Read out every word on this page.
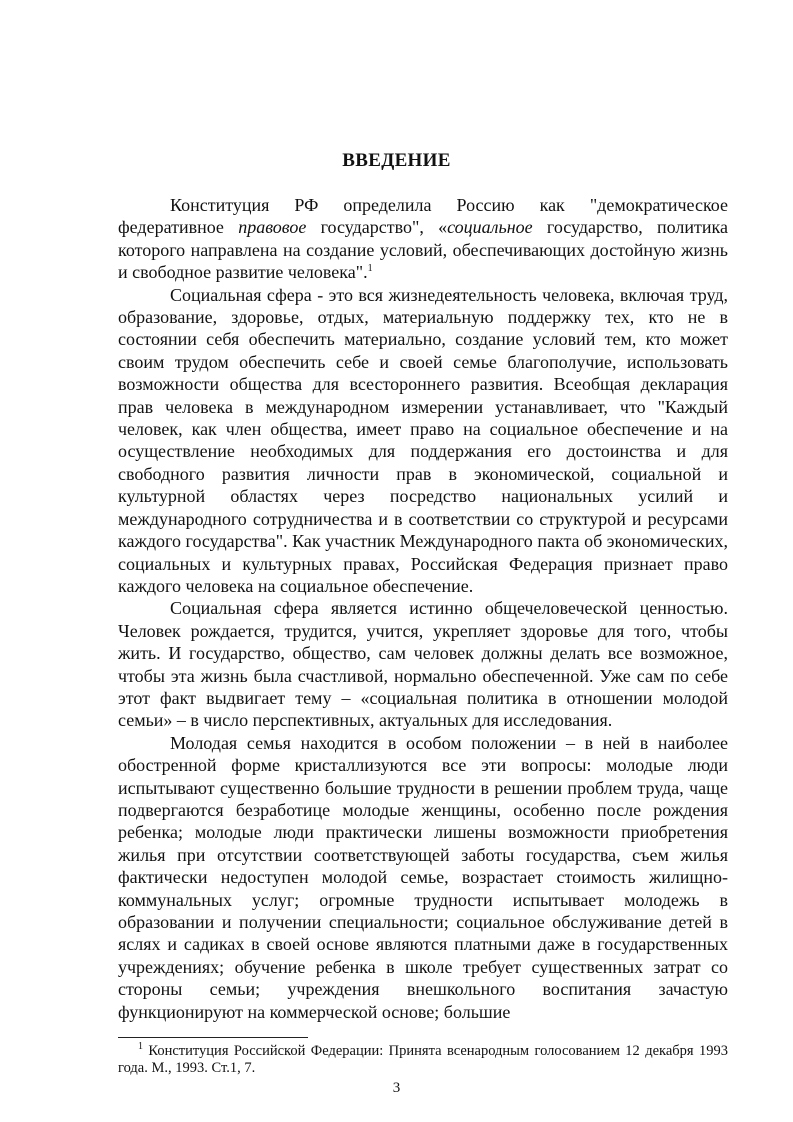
ВВЕДЕНИЕ

Конституция РФ определила Россию как "демократическое федеративное правовое государство", «социальное государство, политика которого направлена на создание условий, обеспечивающих достойную жизнь и свободное развитие человека".$^1$

Социальная сфера - это вся жизнедеятельность человека, включая труд, образование, здоровье, отдых, материальную поддержку тех, кто не в состоянии себя обеспечить материально, создание условий тем, кто может своим трудом обеспечить себе и своей семье благополучие, использовать возможности общества для всестороннего развития. Всеобщая декларация прав человека в международном измерении устанавливает, что "Каждый человек, как член общества, имеет право на социальное обеспечение и на осуществление необходимых для поддержания его достоинства и для свободного развития личности прав в экономической, социальной и культурной областях через посредство национальных усилий и международного сотрудничества и в соответствии со структурой и ресурсами каждого государства". Как участник Международного пакта об экономических, социальных и культурных правах, Российская Федерация признает право каждого человека на социальное обеспечение.

Социальная сфера является истинно общечеловеческой ценностью. Человек рождается, трудится, учится, укрепляет здоровье для того, чтобы жить. И государство, общество, сам человек должны делать все возможное, чтобы эта жизнь была счастливой, нормально обеспеченной. Уже сам по себе этот факт выдвигает тему – «социальная политика в отношении молодой семьи» – в число перспективных, актуальных для исследования.

Молодая семья находится в особом положении – в ней в наиболее обостренной форме кристаллизуются все эти вопросы: молодые люди испытывают существенно большие трудности в решении проблем труда, чаще подвергаются безработице молодые женщины, особенно после рождения ребенка; молодые люди практически лишены возможности приобретения жилья при отсутствии соответствующей заботы государства, съем жилья фактически недоступен молодой семье, возрастает стоимость жилищно-коммунальных услуг; огромные трудности испытывает молодежь в образовании и получении специальности; социальное обслуживание детей в яслях и садиках в своей основе являются платными даже в государственных учреждениях; обучение ребенка в школе требует существенных затрат со стороны семьи; учреждения внешкольного воспитания зачастую функционируют на коммерческой основе; большие

$^1$ Конституция Российской Федерации: Принята всенародным голосованием 12 декабря 1993 года. М., 1993. Ст.1, 7.
3
